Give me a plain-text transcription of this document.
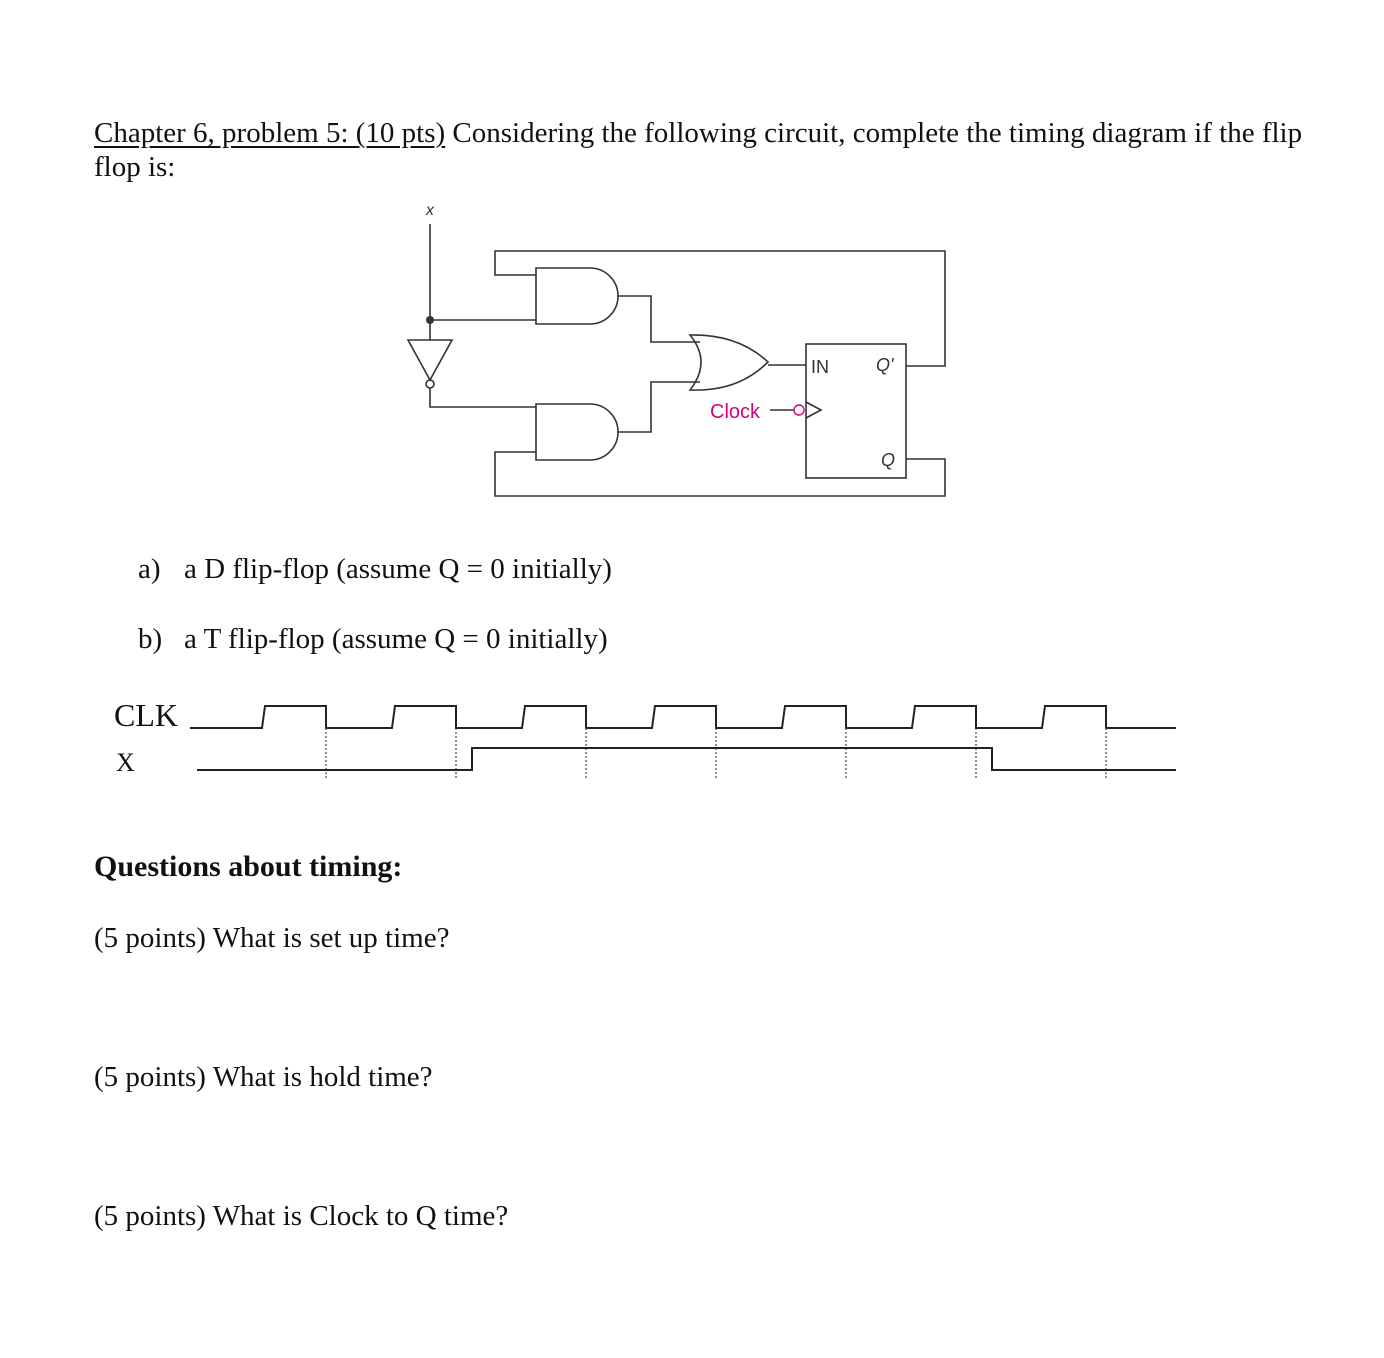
Chapter 6, problem 5: (10 pts) Considering the following circuit, complete the timing diagram if the flip flop is:
x
IN	Q'
Q
Clock
a) a D flip-flop (assume Q = 0 initially)
b) a T flip-flop (assume Q = 0 initially)
CLK
X
Questions about timing:
(5 points) What is set up time?
(5 points) What is hold time?
(5 points) What is Clock to Q time?
